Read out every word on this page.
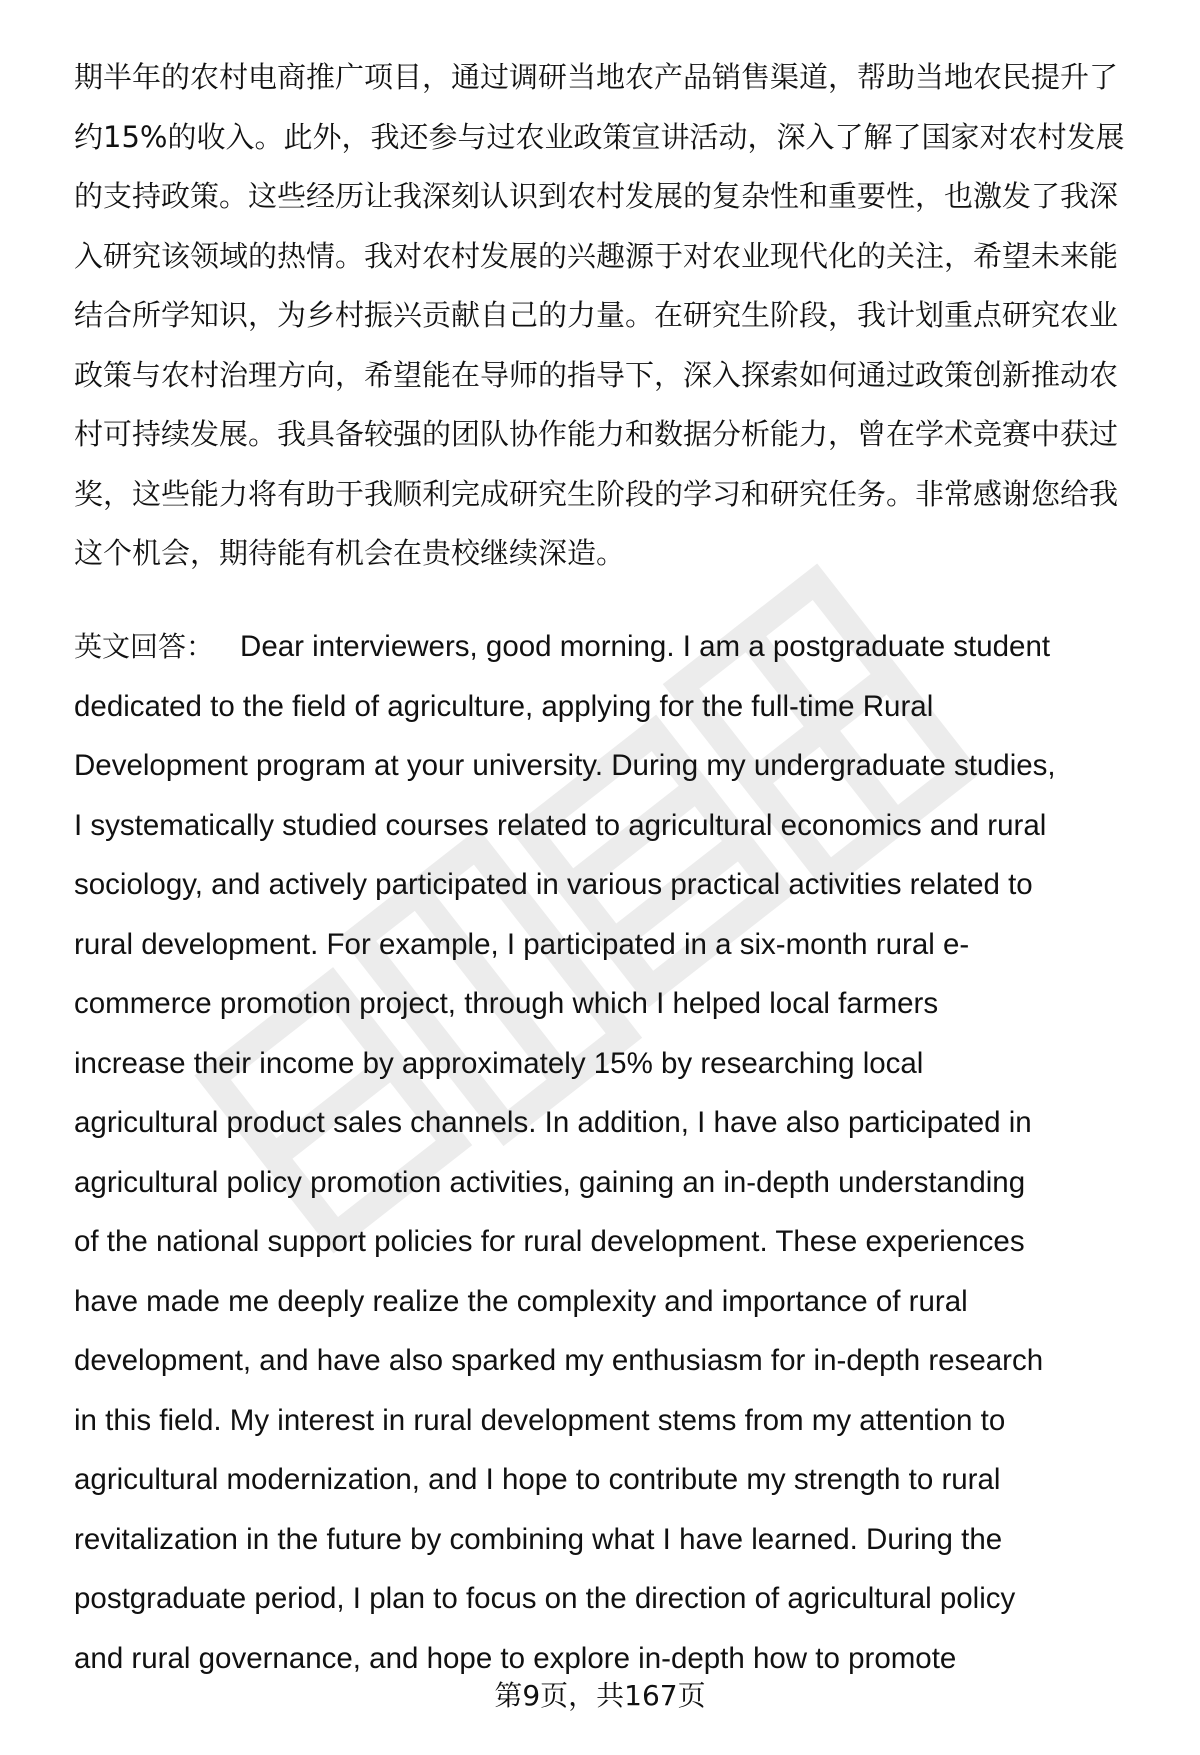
期半年的农村电商推广项目，通过调研当地农产品销售渠道，帮助当地农民提升了
约15%的收入。此外，我还参与过农业政策宣讲活动，深入了解了国家对农村发展
的支持政策。这些经历让我深刻认识到农村发展的复杂性和重要性，也激发了我深
入研究该领域的热情。我对农村发展的兴趣源于对农业现代化的关注，希望未来能
结合所学知识，为乡村振兴贡献自己的力量。在研究生阶段，我计划重点研究农业
政策与农村治理方向，希望能在导师的指导下，深入探索如何通过政策创新推动农
村可持续发展。我具备较强的团队协作能力和数据分析能力，曾在学术竞赛中获过
奖，这些能力将有助于我顺利完成研究生阶段的学习和研究任务。非常感谢您给我
这个机会，期待能有机会在贵校继续深造。
英文回答： Dear interviewers, good morning. I am a postgraduate student
dedicated to the field of agriculture, applying for the full-time Rural
Development program at your university. During my undergraduate studies,
I systematically studied courses related to agricultural economics and rural
sociology, and actively participated in various practical activities related to
rural development. For example, I participated in a six-month rural e-
commerce promotion project, through which I helped local farmers
increase their income by approximately 15% by researching local
agricultural product sales channels. In addition, I have also participated in
agricultural policy promotion activities, gaining an in-depth understanding
of the national support policies for rural development. These experiences
have made me deeply realize the complexity and importance of rural
development, and have also sparked my enthusiasm for in-depth research
in this field. My interest in rural development stems from my attention to
agricultural modernization, and I hope to contribute my strength to rural
revitalization in the future by combining what I have learned. During the
postgraduate period, I plan to focus on the direction of agricultural policy
and rural governance, and hope to explore in-depth how to promote
第9页，共167页
